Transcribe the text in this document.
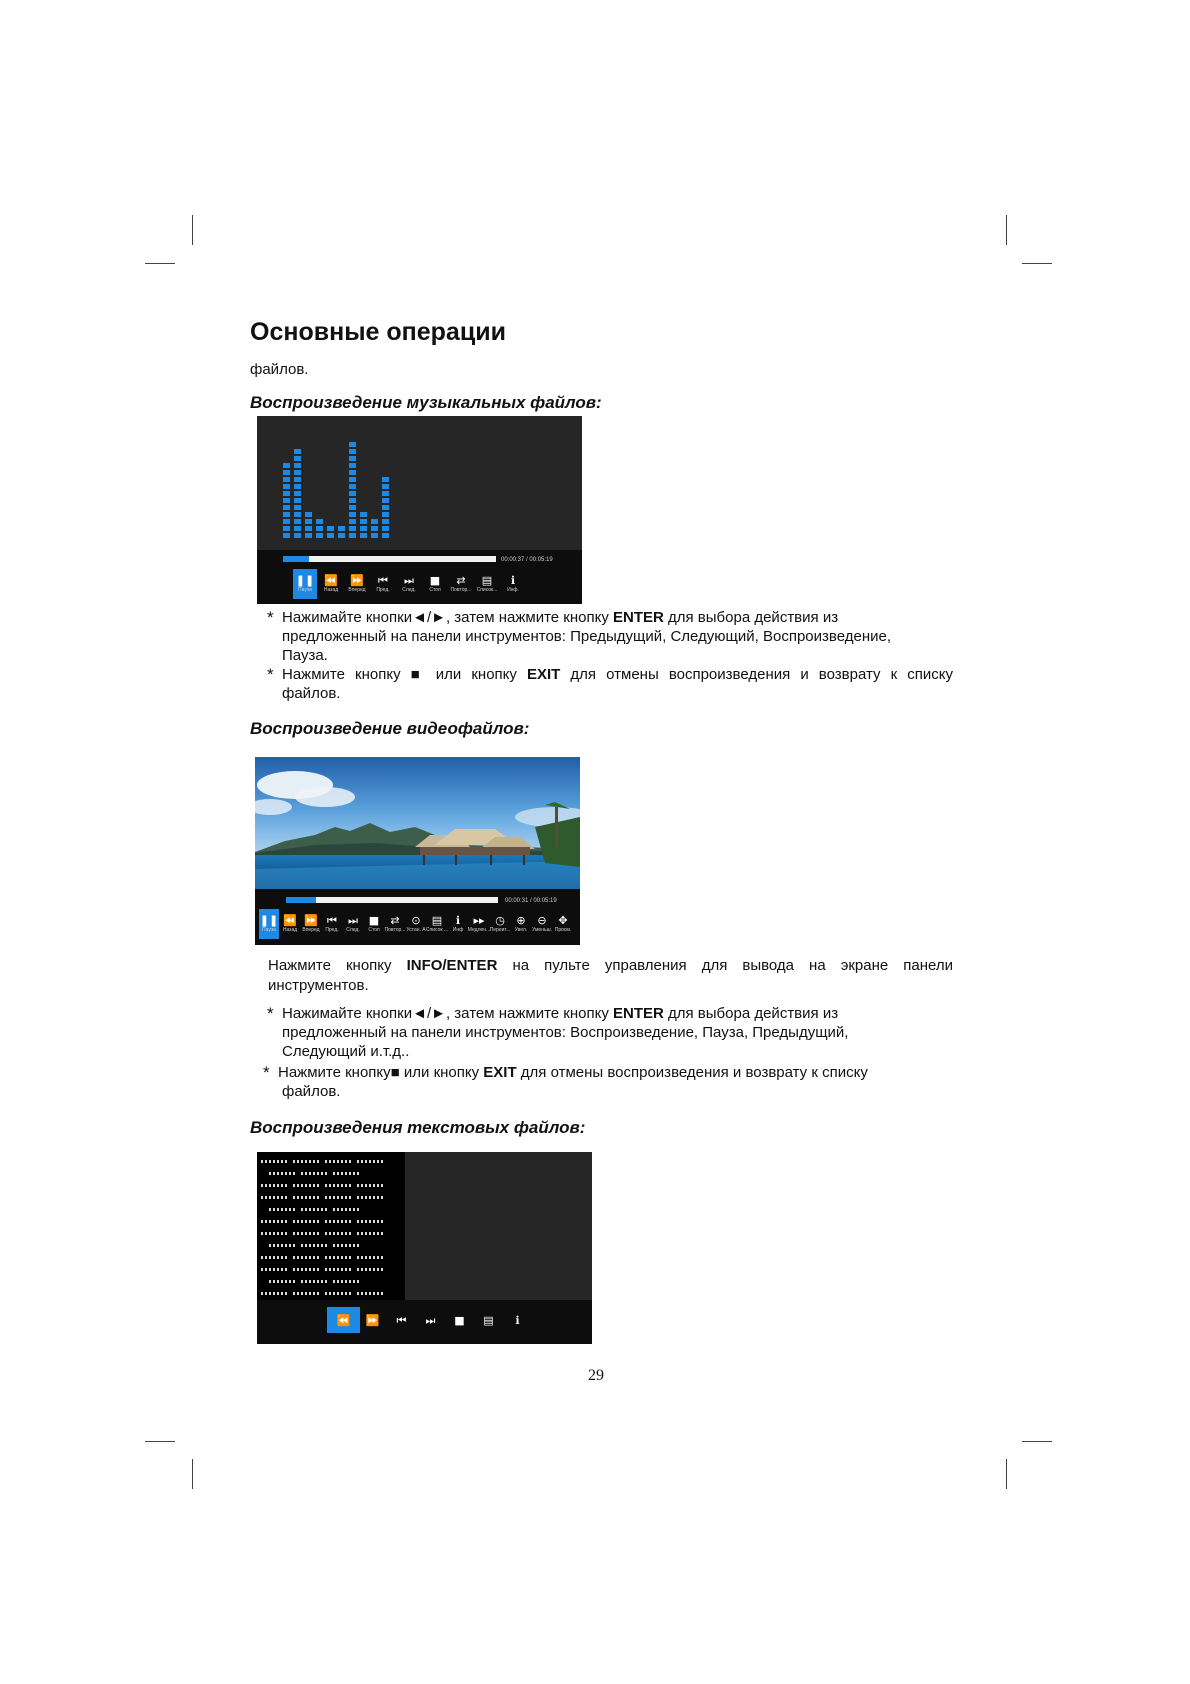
Основные операции
файлов.
Воспроизведение музыкальных файлов:
00:00:37 / 00:05:19
❚❚
Пауза
⏪
Назад
⏩
Вперед
⏮
Пред.
⏭
След.
■
Стоп
⇄
Повтор...
▤
Список...
ℹ
Инф.
* Нажимайте кнопки◄/►, затем нажмите кнопку ENTER для выбора действия из
предложенный на панели инструментов: Предыдущий, Следующий, Воспроизведение,
Пауза.
* Нажмите кнопку ■ или кнопку EXIT для отмены воспроизведения и возврату к списку
файлов.
Воспроизведение видеофайлов:
00:00:31 / 00:05:19
❚❚
Пауза
⏪
Назад
⏩
Вперед
⏮
Пред.
⏭
След.
■
Стоп
⇄
Повтор...
⊙
Устан. А
▤
Список ...
ℹ
Инф
▸▸
Медлен...
◷
Переит...
⊕
Увел.
⊖
Уменьш.
✥
Просм.
Нажмите кнопку INFO/ENTER на пульте управления для вывода на экране панели
инструментов.
* Нажимайте кнопки◄/►, затем нажмите кнопку ENTER для выбора действия из
предложенный на панели инструментов: Воспроизведение, Пауза, Предыдущий,
Следующий и.т.д..
* Нажмите кнопку■ или кнопку EXIT для отмены воспроизведения и возврату к списку
файлов.
Воспроизведения текстовых файлов:
⏪ ⏩ ⏮ ⏭ ■ ▤ ℹ
29
